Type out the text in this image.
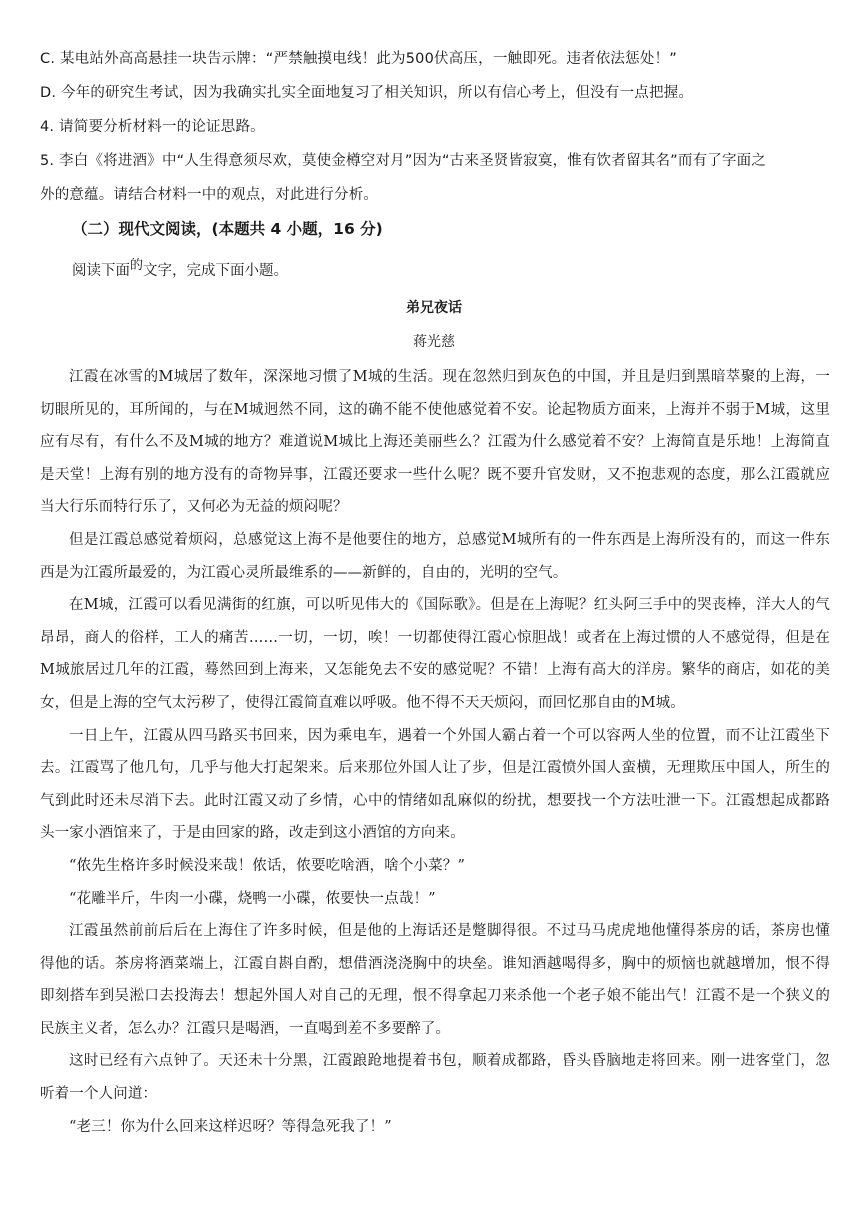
C. 某电站外高高悬挂一块告示牌：“严禁触摸电线！此为500伏高压，一触即死。违者依法惩处！”

D. 今年的研究生考试，因为我确实扎实全面地复习了相关知识，所以有信心考上，但没有一点把握。

4. 请简要分析材料一的论证思路。

5. 李白《将进酒》中“人生得意须尽欢，莫使金樽空对月”因为“古来圣贤皆寂寞，惟有饮者留其名”而有了字面之

外的意蕴。请结合材料一中的观点，对此进行分析。

（二）现代文阅读，(本题共 4 小题，16 分)

阅读下面的文字，完成下面小题。

弟兄夜话

蒋光慈

江霞在冰雪的M城居了数年，深深地习惯了M城的生活。现在忽然归到灰色的中国，并且是归到黑暗萃聚的上海，一切眼所见的，耳所闻的，与在M城迥然不同，这的确不能不使他感觉着不安。论起物质方面来，上海并不弱于M城，这里应有尽有，有什么不及M城的地方？难道说M城比上海还美丽些么？江霞为什么感觉着不安？上海简直是乐地！上海简直是天堂！上海有别的地方没有的奇物异事，江霞还要求一些什么呢？既不要升官发财，又不抱悲观的态度，那么江霞就应当大行乐而特行乐了，又何必为无益的烦闷呢？

但是江霞总感觉着烦闷，总感觉这上海不是他要住的地方，总感觉M城所有的一件东西是上海所没有的，而这一件东西是为江霞所最爱的，为江霞心灵所最维系的——新鲜的，自由的，光明的空气。

在M城，江霞可以看见满街的红旗，可以听见伟大的《国际歌》。但是在上海呢？红头阿三手中的哭丧棒，洋大人的气昂昂，商人的俗样，工人的痛苦……一切，一切，唉！一切都使得江霞心惊胆战！或者在上海过惯的人不感觉得，但是在M城旅居过几年的江霞，蓦然回到上海来，又怎能免去不安的感觉呢？不错！上海有高大的洋房。繁华的商店，如花的美女，但是上海的空气太污秽了，使得江霞简直难以呼吸。他不得不天天烦闷，而回忆那自由的M城。

一日上午，江霞从四马路买书回来，因为乘电车，遇着一个外国人霸占着一个可以容两人坐的位置，而不让江霞坐下去。江霞骂了他几句，几乎与他大打起架来。后来那位外国人让了步，但是江霞愤外国人蛮横，无理欺压中国人，所生的气到此时还未尽消下去。此时江霞又动了乡情，心中的情绪如乱麻似的纷扰，想要找一个方法吐泄一下。江霞想起成都路头一家小酒馆来了，于是由回家的路，改走到这小酒馆的方向来。

“侬先生格许多时候没来哉！侬话，侬要吃啥酒，啥个小菜？”

“花雕半斤，牛肉一小碟，烧鸭一小碟，侬要快一点哉！”

江霞虽然前前后后在上海住了许多时候，但是他的上海话还是蹩脚得很。不过马马虎虎地他懂得茶房的话，茶房也懂得他的话。茶房将酒菜端上，江霞自斟自酌，想借酒浇浇胸中的块垒。谁知酒越喝得多，胸中的烦恼也就越增加，恨不得即刻搭车到吴淞口去投海去！想起外国人对自己的无理，恨不得拿起刀来杀他一个老子娘不能出气！江霞不是一个狭义的民族主义者，怎么办？江霞只是喝酒，一直喝到差不多要醉了。

这时已经有六点钟了。天还未十分黑，江霞踉跄地提着书包，顺着成都路，昏头昏脑地走将回来。刚一进客堂门，忽听着一个人问道：

“老三！你为什么回来这样迟呀？等得急死我了！”
